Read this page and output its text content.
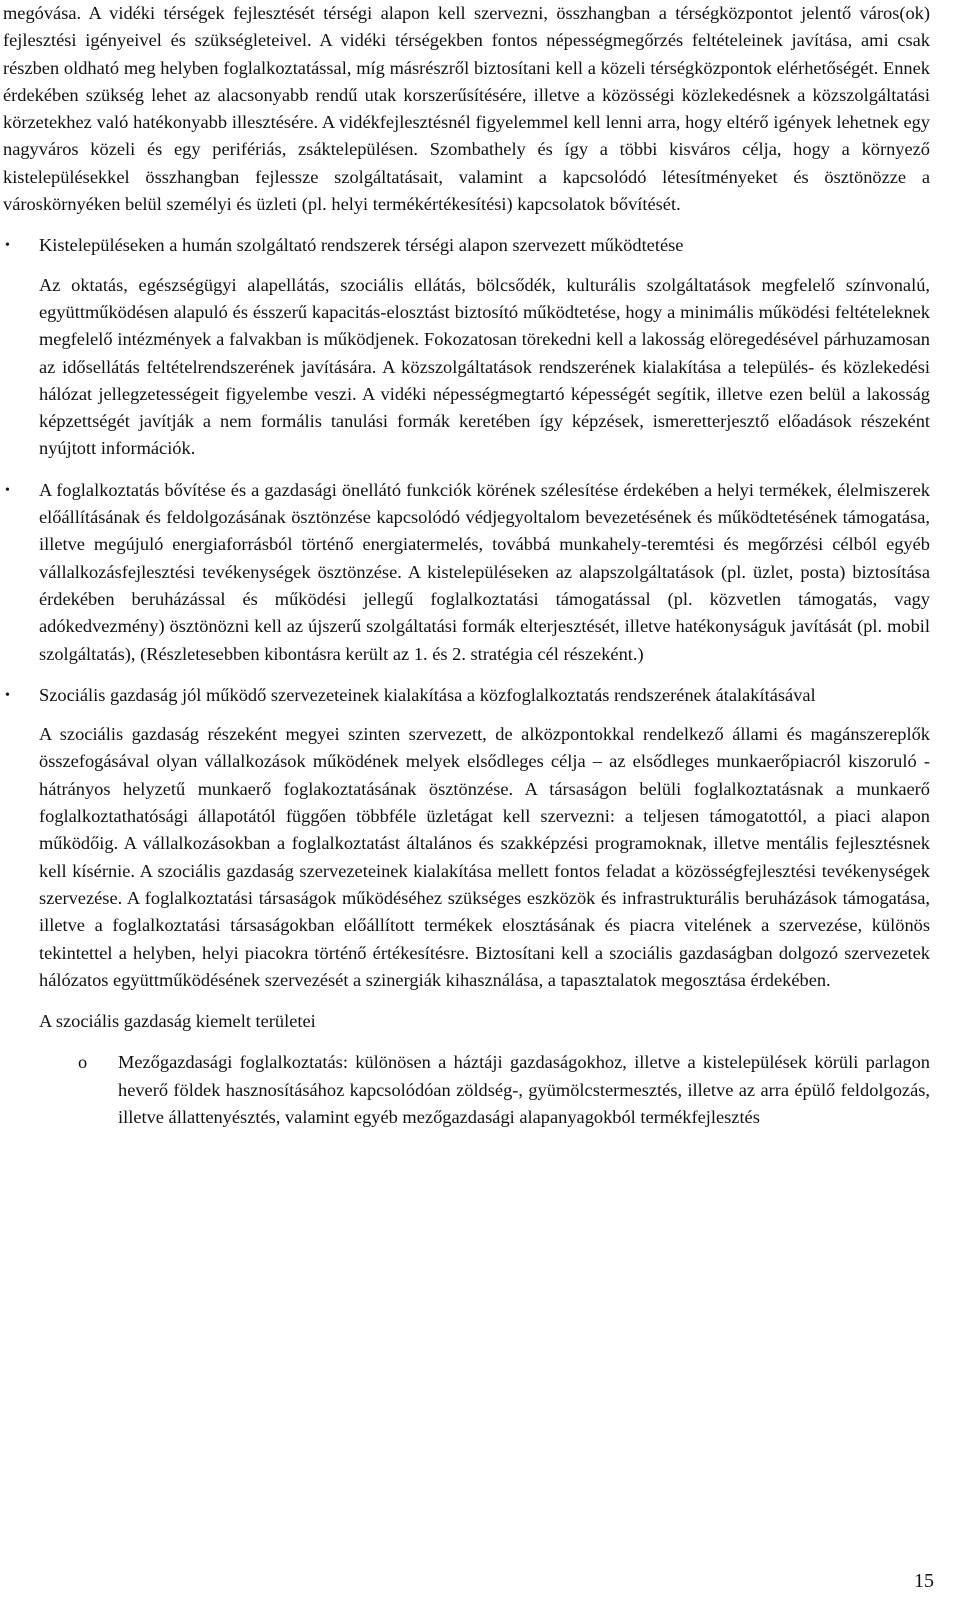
megóvása. A vidéki térségek fejlesztését térségi alapon kell szervezni, összhangban a térségközpontot jelentő város(ok) fejlesztési igényeivel és szükségleteivel. A vidéki térségekben fontos népességmegőrzés feltételeinek javítása, ami csak részben oldható meg helyben foglalkoztatással, míg másrészről biztosítani kell a közeli térségközpontok elérhetőségét. Ennek érdekében szükség lehet az alacsonyabb rendű utak korszerűsítésére, illetve a közösségi közlekedésnek a közszolgáltatási körzetekhez való hatékonyabb illesztésére. A vidékfejlesztésnél figyelemmel kell lenni arra, hogy eltérő igények lehetnek egy nagyváros közeli és egy perifériás, zsáktelepülésen. Szombathely és így a többi kisváros célja, hogy a környező kistelepülésekkel összhangban fejlessze szolgáltatásait, valamint a kapcsolódó létesítményeket és ösztönözze a városkörnyéken belül személyi és üzleti (pl. helyi termékértékesítési) kapcsolatok bővítését.

• Kistelepüléseken a humán szolgáltató rendszerek térségi alapon szervezett működtetése

Az oktatás, egészségügyi alapellátás, szociális ellátás, bölcsődék, kulturális szolgáltatások megfelelő színvonalú, együttműködésen alapuló és ésszerű kapacitás-elosztást biztosító működtetése, hogy a minimális működési feltételeknek megfelelő intézmények a falvakban is működjenek. Fokozatosan törekedni kell a lakosság elöregedésével párhuzamosan az idősellátás feltételrendszerének javítására. A közszolgáltatások rendszerének kialakítása a település- és közlekedési hálózat jellegzetességeit figyelembe veszi. A vidéki népességmegtartó képességét segítik, illetve ezen belül a lakosság képzettségét javítják a nem formális tanulási formák keretében így képzések, ismeretterjesztő előadások részeként nyújtott információk.

• A foglalkoztatás bővítése és a gazdasági önellátó funkciók körének szélesítése érdekében a helyi termékek, élelmiszerek előállításának és feldolgozásának ösztönzése kapcsolódó védjegyoltalom bevezetésének és működtetésének támogatása, illetve megújuló energiaforrásból történő energiatermelés, továbbá munkahely-teremtési és megőrzési célból egyéb vállalkozásfejlesztési tevékenységek ösztönzése. A kistelepüléseken az alapszolgáltatások (pl. üzlet, posta) biztosítása érdekében beruházással és működési jellegű foglalkoztatási támogatással (pl. közvetlen támogatás, vagy adókedvezmény) ösztönözni kell az újszerű szolgáltatási formák elterjesztését, illetve hatékonyságuk javítását (pl. mobil szolgáltatás), (Részletesebben kibontásra került az 1. és 2. stratégia cél részeként.)

• Szociális gazdaság jól működő szervezeteinek kialakítása a közfoglalkoztatás rendszerének átalakításával

A szociális gazdaság részeként megyei szinten szervezett, de alközpontokkal rendelkező állami és magánszereplők összefogásával olyan vállalkozások működének melyek elsődleges célja – az elsődleges munkaerőpiacról kiszoruló - hátrányos helyzetű munkaerő foglakoztatásának ösztönzése. A társaságon belüli foglalkoztatásnak a munkaerő foglalkoztathatósági állapotától függően többféle üzletágat kell szervezni: a teljesen támogatottól, a piaci alapon működőig. A vállalkozásokban a foglalkoztatást általános és szakképzési programoknak, illetve mentális fejlesztésnek kell kísérnie. A szociális gazdaság szervezeteinek kialakítása mellett fontos feladat a közösségfejlesztési tevékenységek szervezése. A foglalkoztatási társaságok működéséhez szükséges eszközök és infrastrukturális beruházások támogatása, illetve a foglalkoztatási társaságokban előállított termékek elosztásának és piacra vitelének a szervezése, különös tekintettel a helyben, helyi piacokra történő értékesítésre. Biztosítani kell a szociális gazdaságban dolgozó szervezetek hálózatos együttműködésének szervezését a szinergiák kihasználása, a tapasztalatok megosztása érdekében.

A szociális gazdaság kiemelt területei

o Mezőgazdasági foglalkoztatás: különösen a háztáji gazdaságokhoz, illetve a kistelepülések körüli parlagon heverő földek hasznosításához kapcsolódóan zöldség-, gyümölcstermesztés, illetve az arra épülő feldolgozás, illetve állattenyésztés, valamint egyéb mezőgazdasági alapanyagokból termékfejlesztés

15
